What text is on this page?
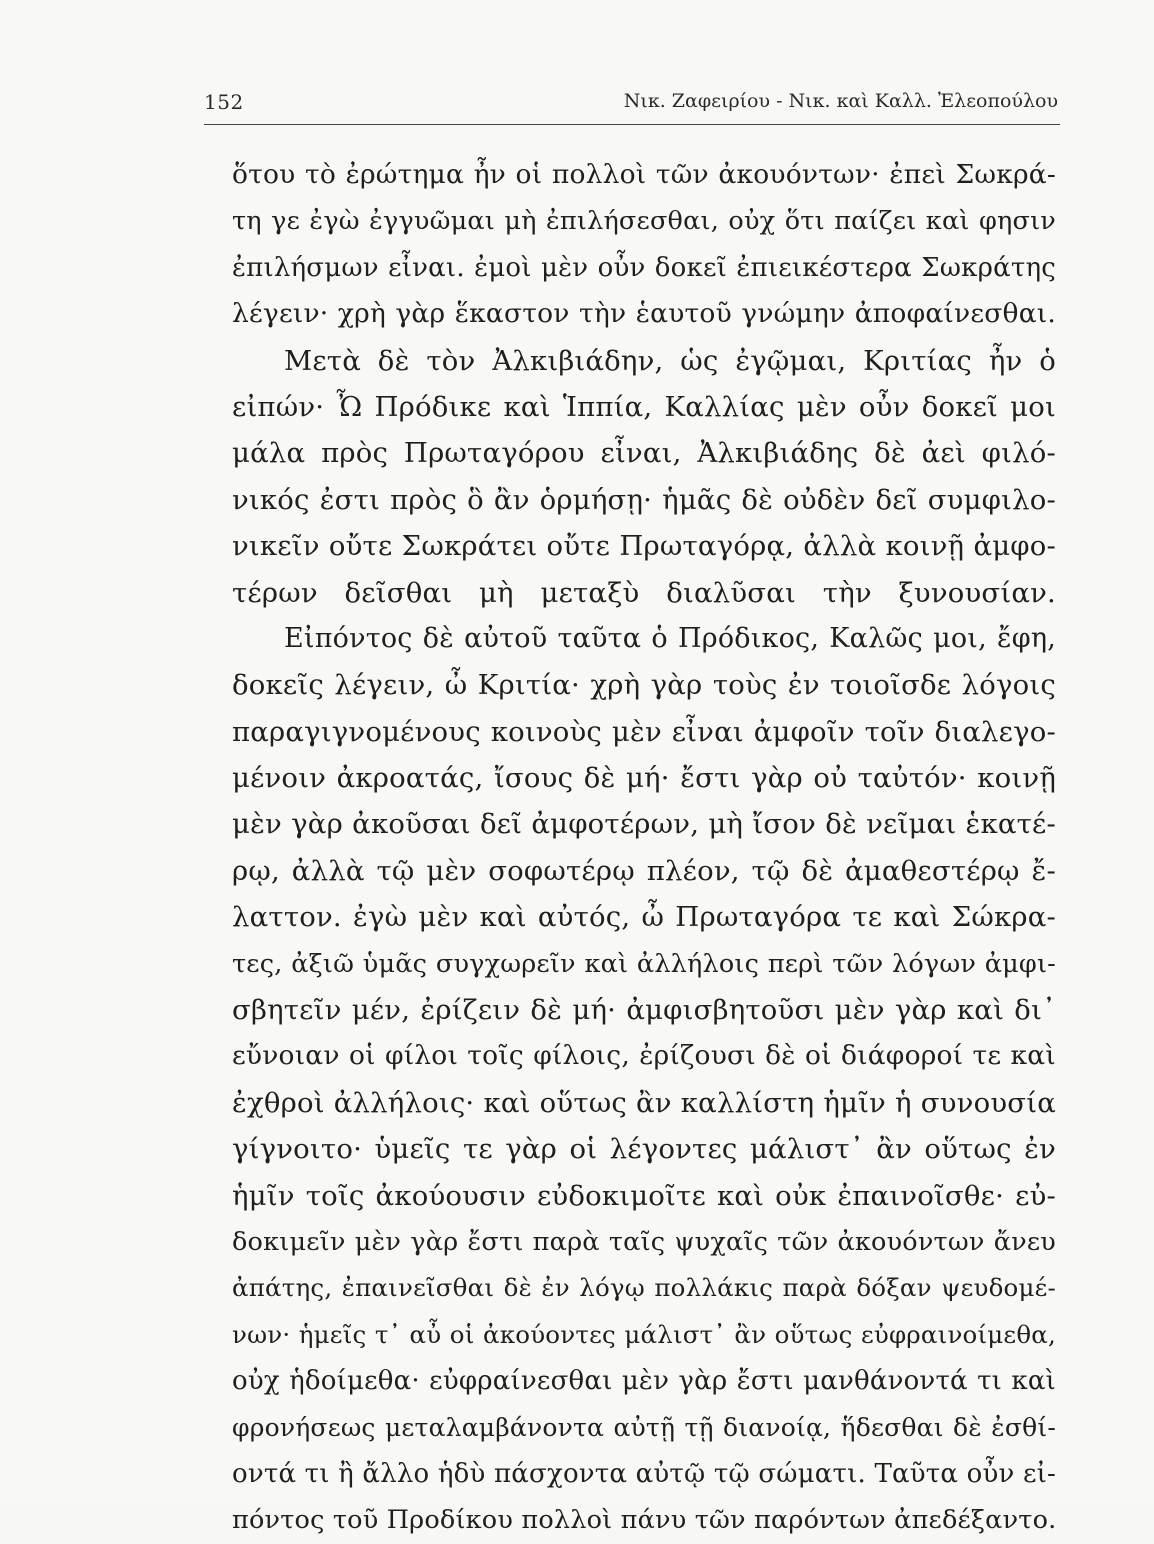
152	Νικ. Ζαφειρίου - Νικ. καὶ Καλλ. Ἐλεοπούλου
ὅτου τὸ ἐρώτημα ἦν οἱ πολλοὶ τῶν ἀκουόντων· ἐπεὶ Σωκρά-
τη γε ἐγὼ ἐγγυῶμαι μὴ ἐπιλήσεσθαι, οὐχ ὅτι παίζει καὶ φησιν
ἐπιλήσμων εἶναι. ἐμοὶ μὲν οὖν δοκεῖ ἐπιεικέστερα Σωκράτης
λέγειν· χρὴ γὰρ ἕκαστον τὴν ἑαυτοῦ γνώμην ἀποφαίνεσθαι.
Μετὰ δὲ τὸν Ἀλκιβιάδην, ὡς ἐγῷμαι, Κριτίας ἦν ὁ
εἰπών· Ὦ Πρόδικε καὶ Ἱππία, Καλλίας μὲν οὖν δοκεῖ μοι
μάλα πρὸς Πρωταγόρου εἶναι, Ἀλκιβιάδης δὲ ἀεὶ φιλό-
νικός ἐστι πρὸς ὃ ἂν ὁρμήσῃ· ἡμᾶς δὲ οὐδὲν δεῖ συμφιλο-
νικεῖν οὔτε Σωκράτει οὔτε Πρωταγόρᾳ, ἀλλὰ κοινῇ ἀμφο-
τέρων δεῖσθαι μὴ μεταξὺ διαλῦσαι τὴν ξυνουσίαν.
Εἰπόντος δὲ αὐτοῦ ταῦτα ὁ Πρόδικος, Καλῶς μοι, ἔφη,
δοκεῖς λέγειν, ὦ Κριτία· χρὴ γὰρ τοὺς ἐν τοιοῖσδε λόγοις
παραγιγνομένους κοινοὺς μὲν εἶναι ἀμφοῖν τοῖν διαλεγο-
μένοιν ἀκροατάς, ἴσους δὲ μή· ἔστι γὰρ οὐ ταὐτόν· κοινῇ
μὲν γὰρ ἀκοῦσαι δεῖ ἀμφοτέρων, μὴ ἴσον δὲ νεῖμαι ἑκατέ-
ρῳ, ἀλλὰ τῷ μὲν σοφωτέρῳ πλέον, τῷ δὲ ἀμαθεστέρῳ ἔ-
λαττον. ἐγὼ μὲν καὶ αὐτός, ὦ Πρωταγόρα τε καὶ Σώκρα-
τες, ἀξιῶ ὑμᾶς συγχωρεῖν καὶ ἀλλήλοις περὶ τῶν λόγων ἀμφι-
σβητεῖν μέν, ἐρίζειν δὲ μή· ἀμφισβητοῦσι μὲν γὰρ καὶ δι᾽
εὔνοιαν οἱ φίλοι τοῖς φίλοις, ἐρίζουσι δὲ οἱ διάφοροί τε καὶ
ἐχθροὶ ἀλλήλοις· καὶ οὕτως ἂν καλλίστη ἡμῖν ἡ συνουσία
γίγνοιτο· ὑμεῖς τε γὰρ οἱ λέγοντες μάλιστ᾽ ἂν οὕτως ἐν
ἡμῖν τοῖς ἀκούουσιν εὐδοκιμοῖτε καὶ οὐκ ἐπαινοῖσθε· εὐ-
δοκιμεῖν μὲν γὰρ ἔστι παρὰ ταῖς ψυχαῖς τῶν ἀκουόντων ἄνευ
ἀπάτης, ἐπαινεῖσθαι δὲ ἐν λόγῳ πολλάκις παρὰ δόξαν ψευδομέ-
νων· ἡμεῖς τ᾽ αὖ οἱ ἀκούοντες μάλιστ᾽ ἂν οὕτως εὐφραινοίμεθα,
οὐχ ἡδοίμεθα· εὐφραίνεσθαι μὲν γὰρ ἔστι μανθάνοντά τι καὶ
φρονήσεως μεταλαμβάνοντα αὐτῇ τῇ διανοίᾳ, ἥδεσθαι δὲ ἐσθί-
οντά τι ἢ ἄλλο ἡδὺ πάσχοντα αὐτῷ τῷ σώματι. Ταῦτα οὖν εἰ-
πόντος τοῦ Προδίκου πολλοὶ πάνυ τῶν παρόντων ἀπεδέξαντο.
